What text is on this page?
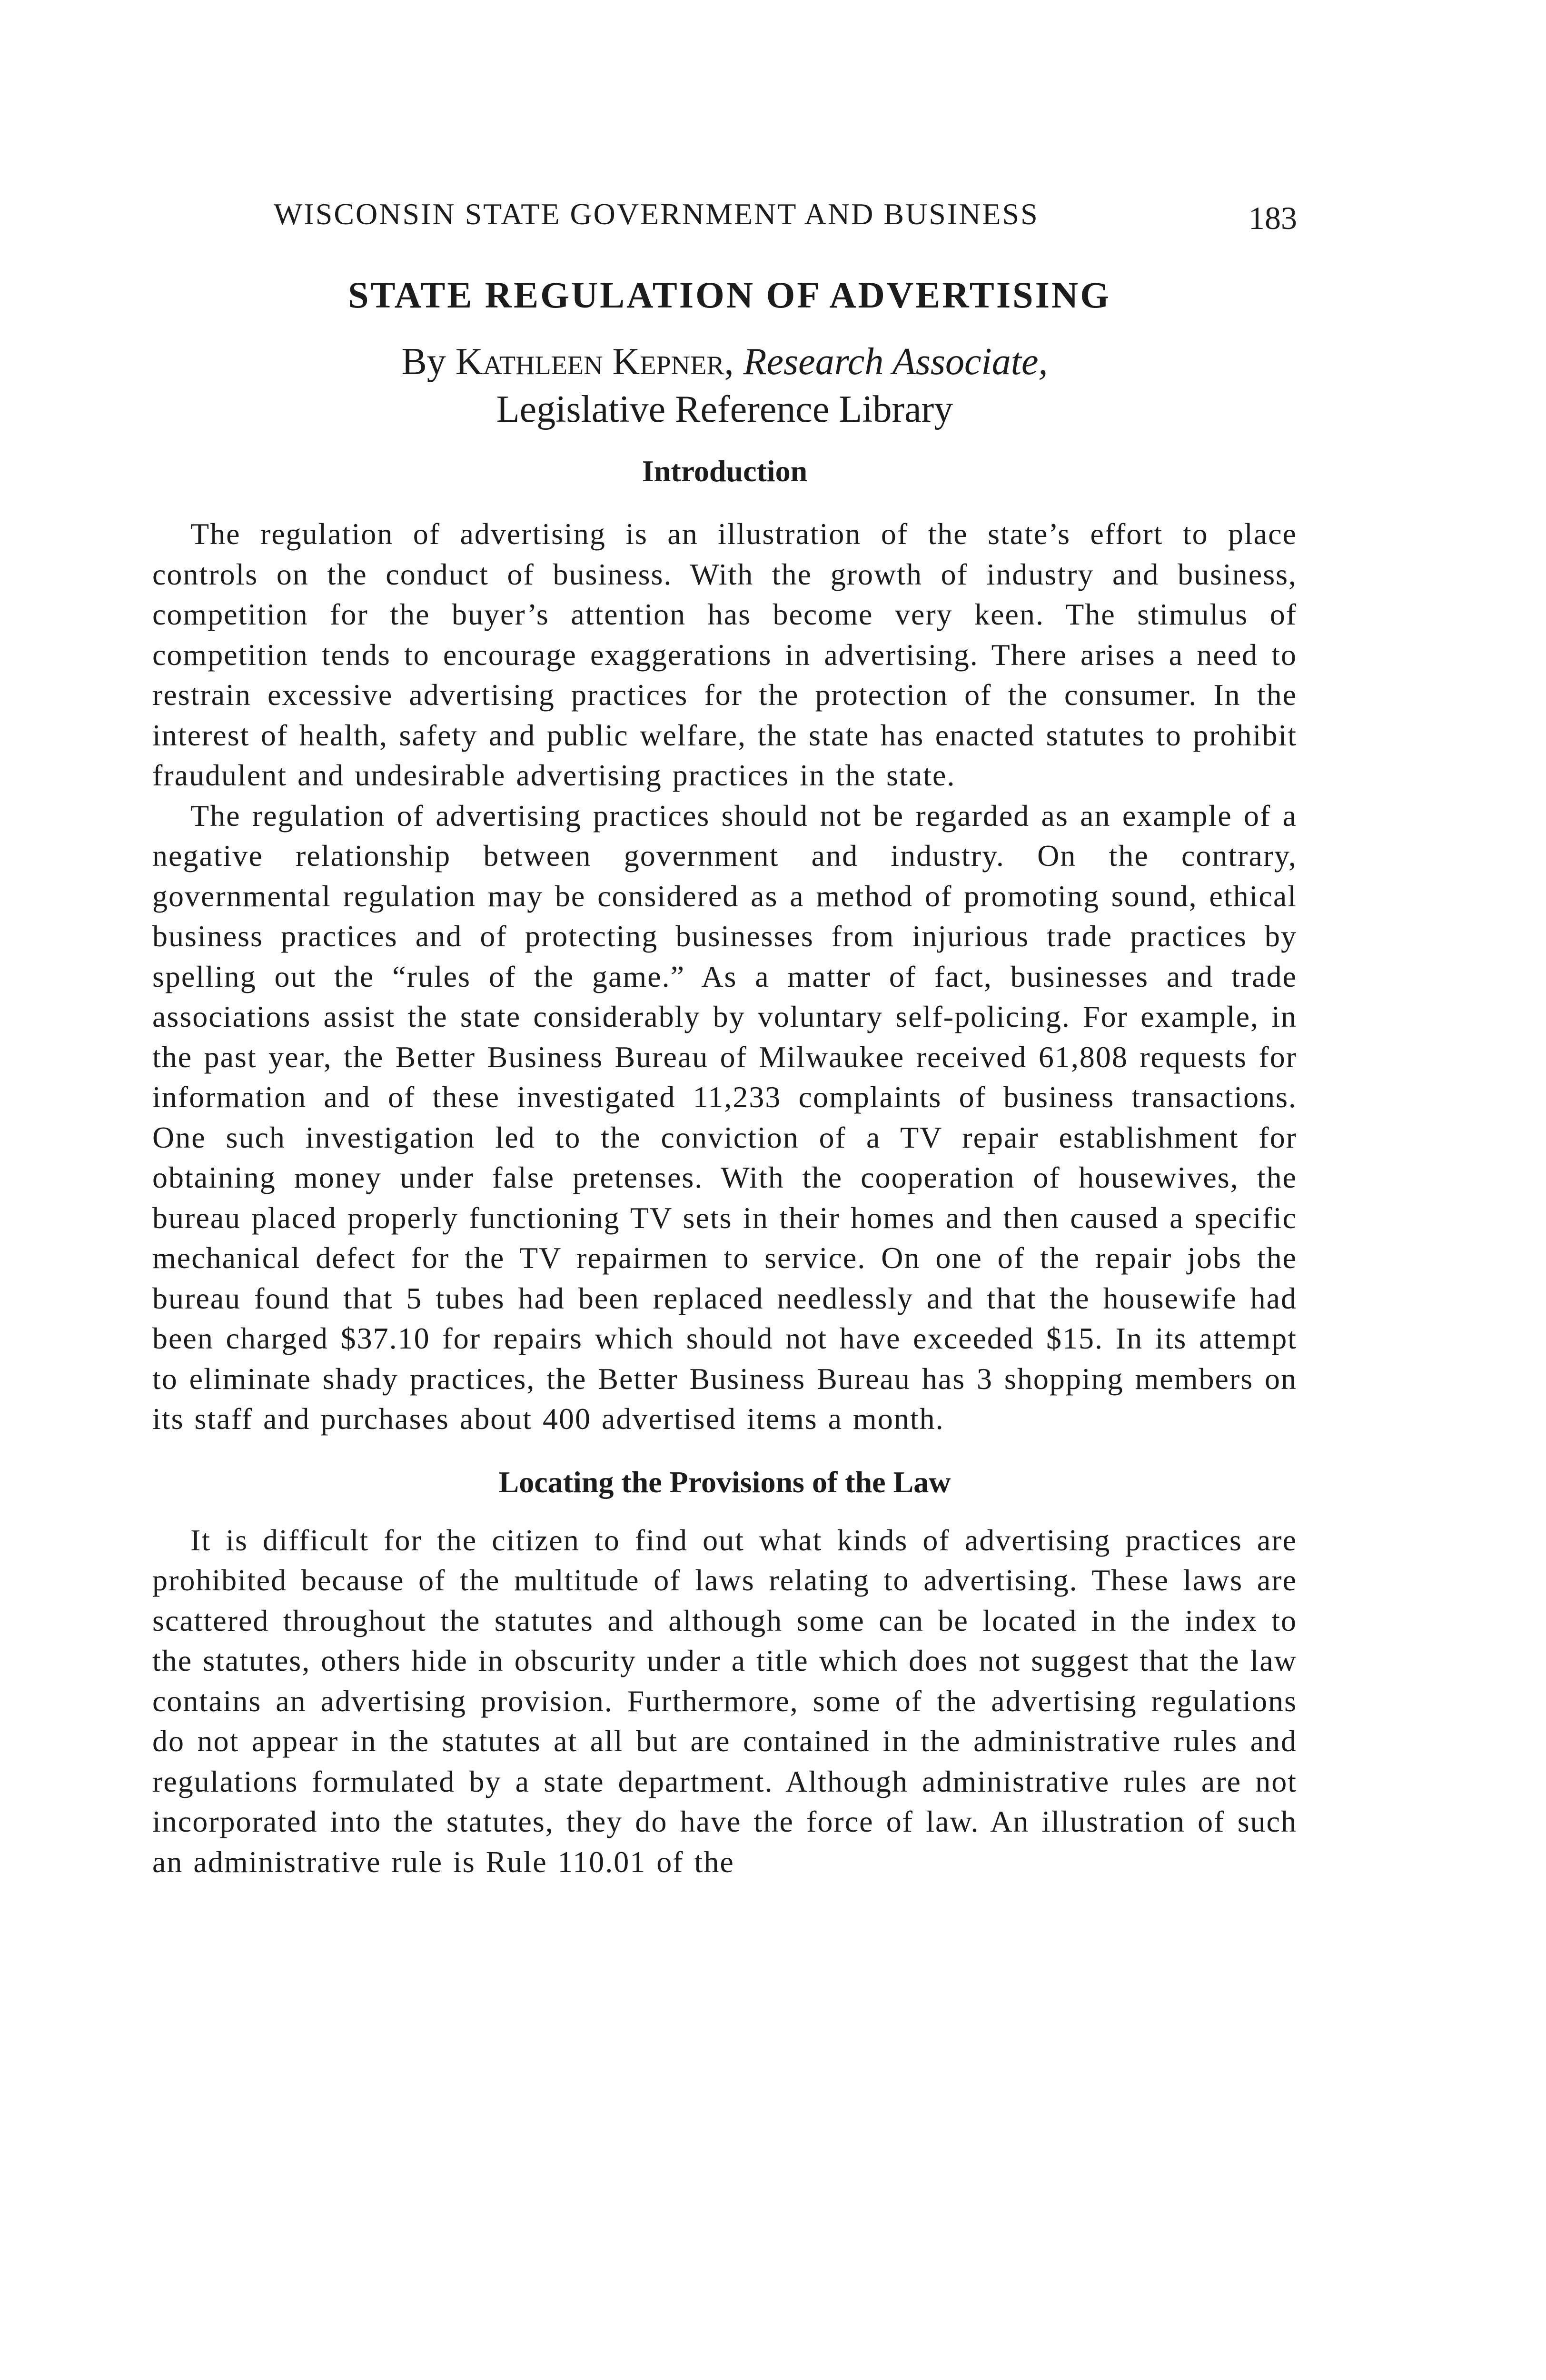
WISCONSIN STATE GOVERNMENT AND BUSINESS	183
STATE REGULATION OF ADVERTISING
By Kathleen Kepner, Research Associate,
Legislative Reference Library
Introduction

The regulation of advertising is an illustration of the state’s effort to place controls on the conduct of business. With the growth of industry and business, competition for the buyer’s attention has become very keen. The stimulus of competition tends to encourage exaggerations in advertising. There arises a need to restrain excessive advertising practices for the protection of the consumer. In the interest of health, safety and public welfare, the state has enacted statutes to prohibit fraudulent and undesirable advertising practices in the state.

The regulation of advertising practices should not be regarded as an example of a negative relationship between government and industry. On the contrary, governmental regulation may be considered as a method of promoting sound, ethical business practices and of protecting businesses from injurious trade practices by spelling out the “rules of the game.” As a matter of fact, businesses and trade associations assist the state considerably by voluntary self-policing. For example, in the past year, the Better Business Bureau of Milwaukee received 61,808 requests for information and of these investigated 11,233 complaints of business transactions. One such investigation led to the conviction of a TV repair establishment for obtaining money under false pretenses. With the cooperation of housewives, the bureau placed properly functioning TV sets in their homes and then caused a specific mechanical defect for the TV repairmen to service. On one of the repair jobs the bureau found that 5 tubes had been replaced needlessly and that the housewife had been charged $37.10 for repairs which should not have exceeded $15. In its attempt to eliminate shady practices, the Better Business Bureau has 3 shopping members on its staff and purchases about 400 advertised items a month.

Locating the Provisions of the Law

It is difficult for the citizen to find out what kinds of advertising practices are prohibited because of the multitude of laws relating to advertising. These laws are scattered throughout the statutes and although some can be located in the index to the statutes, others hide in obscurity under a title which does not suggest that the law contains an advertising provision. Furthermore, some of the advertising regulations do not appear in the statutes at all but are contained in the administrative rules and regulations formulated by a state department. Although administrative rules are not incorporated into the statutes, they do have the force of law. An illustration of such an administrative rule is Rule 110.01 of the
